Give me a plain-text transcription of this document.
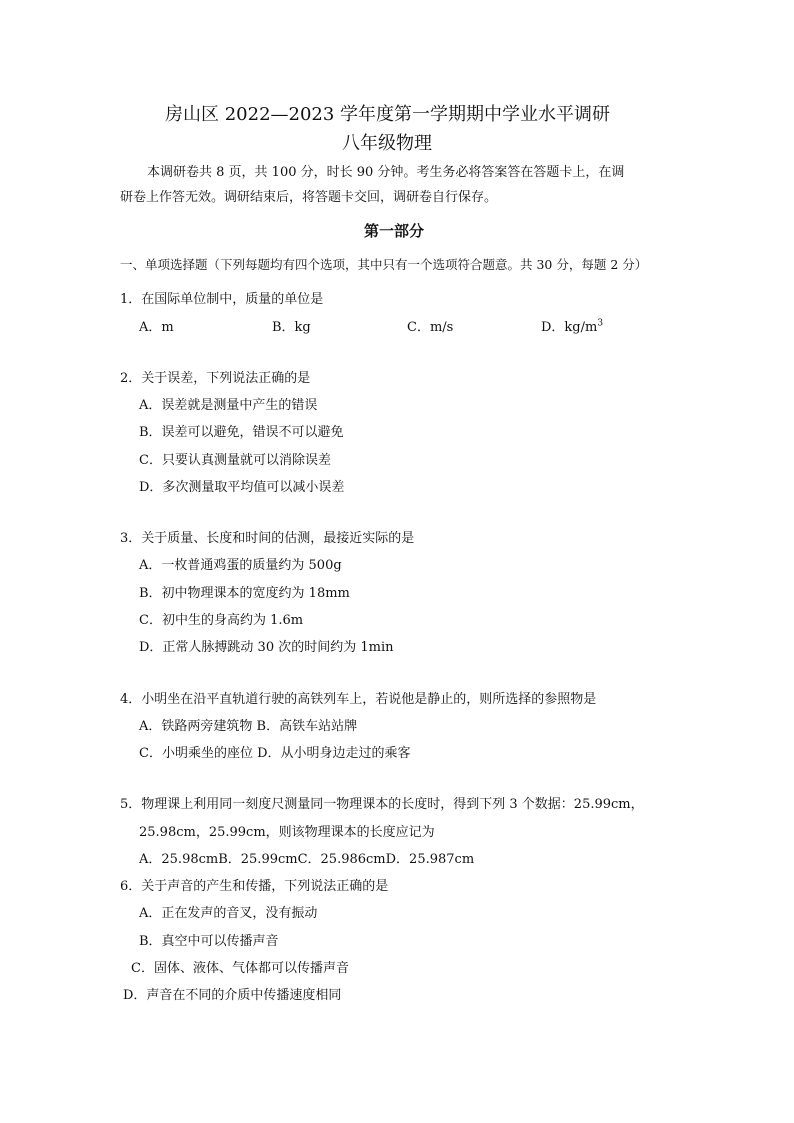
房山区 2022—2023 学年度第一学期期中学业水平调研
八年级物理
本调研卷共 8 页，共 100 分，时长 90 分钟。考生务必将答案答在答题卡上，在调
研卷上作答无效。调研结束后，将答题卡交回，调研卷自行保存。
第一部分
一、单项选择题（下列每题均有四个选项，其中只有一个选项符合题意。共 30 分，每题 2 分）
1．在国际单位制中，质量的单位是
A．m	B．kg	C．m/s	D．$kg/m^3$
2．关于误差，下列说法正确的是
A．误差就是测量中产生的错误
B．误差可以避免，错误不可以避免
C．只要认真测量就可以消除误差
D．多次测量取平均值可以减小误差
3．关于质量、长度和时间的估测，最接近实际的是
A．一枚普通鸡蛋的质量约为 500g
B．初中物理课本的宽度约为 18mm
C．初中生的身高约为 1.6m
D．正常人脉搏跳动 30 次的时间约为 1min
4．小明坐在沿平直轨道行驶的高铁列车上，若说他是静止的，则所选择的参照物是
A．铁路两旁建筑物 B．高铁车站站牌
C．小明乘坐的座位 D．从小明身边走过的乘客
5．物理课上利用同一刻度尺测量同一物理课本的长度时，得到下列 3 个数据：25.99cm，
25.98cm，25.99cm，则该物理课本的长度应记为
A．25.98cmB．25.99cmC．25.986cmD．25.987cm
6．关于声音的产生和传播，下列说法正确的是
A．正在发声的音叉，没有振动
B．真空中可以传播声音
C．固体、液体、气体都可以传播声音
D．声音在不同的介质中传播速度相同
